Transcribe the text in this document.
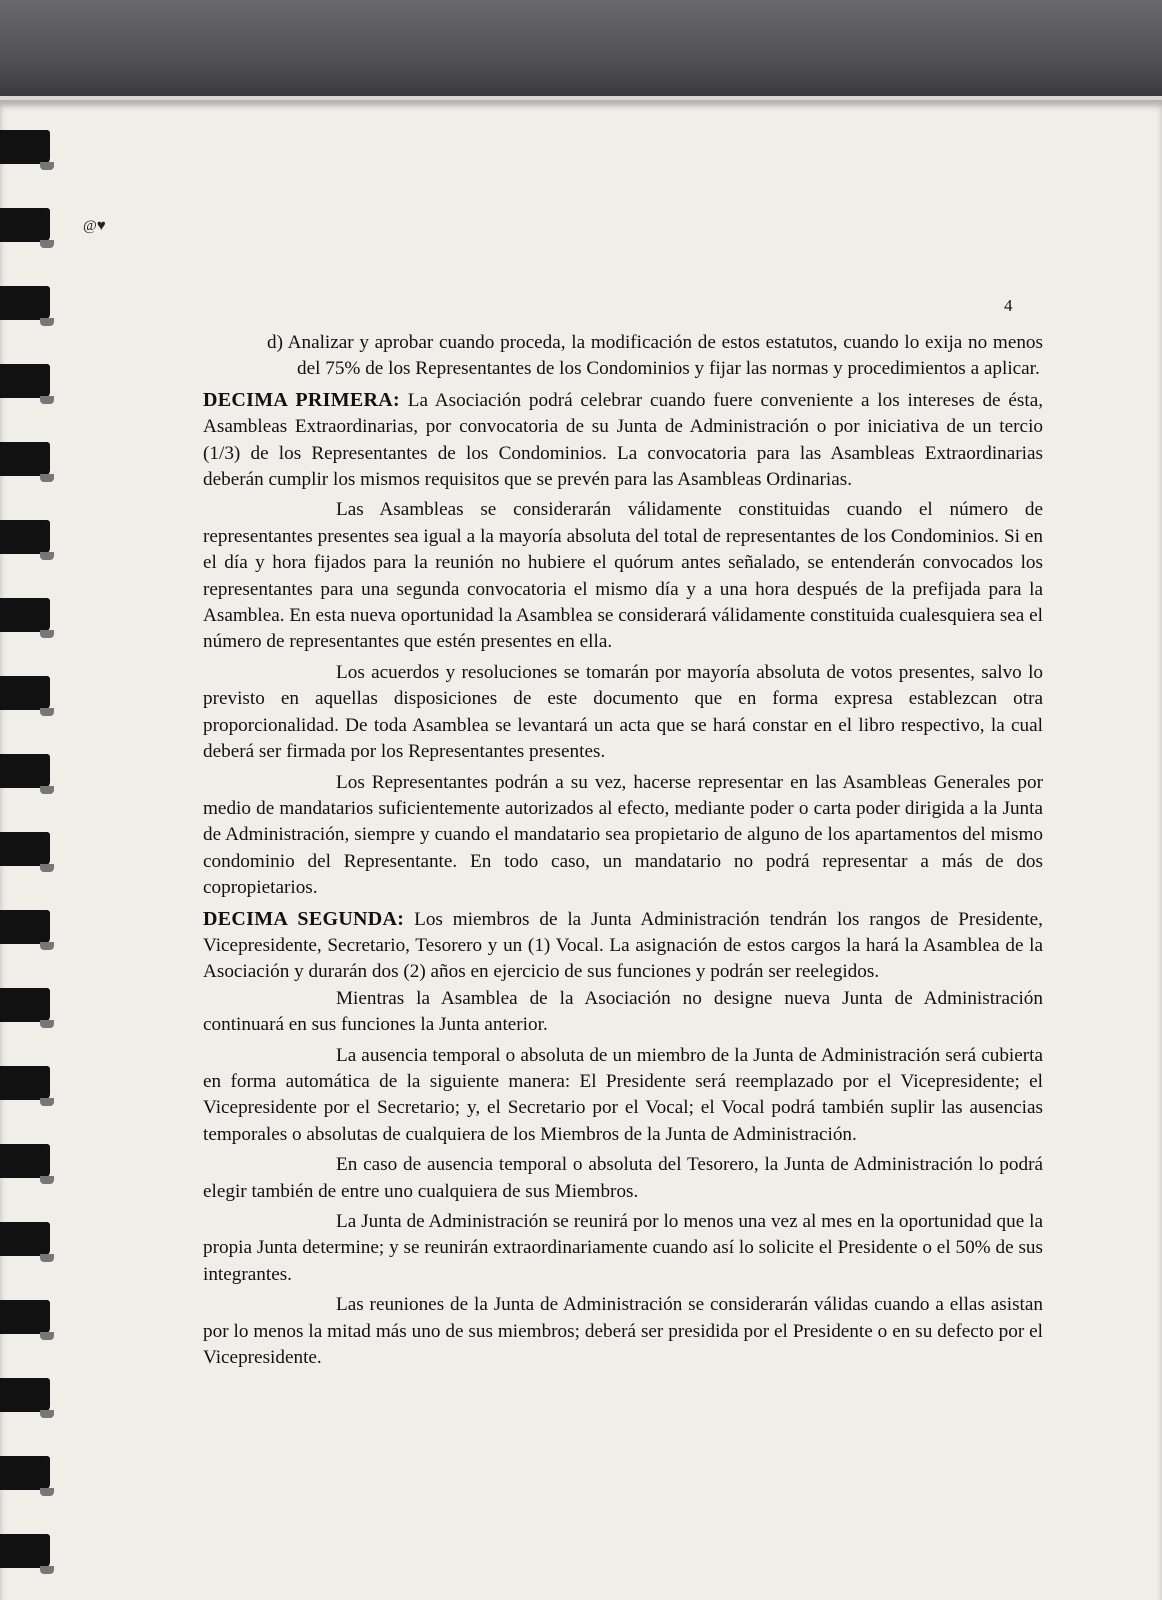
@♥
4

d) Analizar y aprobar cuando proceda, la modificación de estos estatutos, cuando lo exija no menos del 75% de los Representantes de los Condominios y fijar las normas y procedimientos a aplicar.

DECIMA PRIMERA: La Asociación podrá celebrar cuando fuere conveniente a los intereses de ésta, Asambleas Extraordinarias, por convocatoria de su Junta de Administración o por iniciativa de un tercio (1/3) de los Representantes de los Condominios. La convocatoria para las Asambleas Extraordinarias deberán cumplir los mismos requisitos que se prevén para las Asambleas Ordinarias.

Las Asambleas se considerarán válidamente constituidas cuando el número de representantes presentes sea igual a la mayoría absoluta del total de representantes de los Condominios. Si en el día y hora fijados para la reunión no hubiere el quórum antes señalado, se entenderán convocados los representantes para una segunda convocatoria el mismo día y a una hora después de la prefijada para la Asamblea. En esta nueva oportunidad la Asamblea se considerará válidamente constituida cualesquiera sea el número de representantes que estén presentes en ella.

Los acuerdos y resoluciones se tomarán por mayoría absoluta de votos presentes, salvo lo previsto en aquellas disposiciones de este documento que en forma expresa establezcan otra proporcionalidad. De toda Asamblea se levantará un acta que se hará constar en el libro respectivo, la cual deberá ser firmada por los Representantes presentes.

Los Representantes podrán a su vez, hacerse representar en las Asambleas Generales por medio de mandatarios suficientemente autorizados al efecto, mediante poder o carta poder dirigida a la Junta de Administración, siempre y cuando el mandatario sea propietario de alguno de los apartamentos del mismo condominio del Representante. En todo caso, un mandatario no podrá representar a más de dos copropietarios.

DECIMA SEGUNDA: Los miembros de la Junta Administración tendrán los rangos de Presidente, Vicepresidente, Secretario, Tesorero y un (1) Vocal. La asignación de estos cargos la hará la Asamblea de la Asociación y durarán dos (2) años en ejercicio de sus funciones y podrán ser reelegidos.

Mientras la Asamblea de la Asociación no designe nueva Junta de Administración continuará en sus funciones la Junta anterior.

La ausencia temporal o absoluta de un miembro de la Junta de Administración será cubierta en forma automática de la siguiente manera: El Presidente será reemplazado por el Vicepresidente; el Vicepresidente por el Secretario; y, el Secretario por el Vocal; el Vocal podrá también suplir las ausencias temporales o absolutas de cualquiera de los Miembros de la Junta de Administración.

En caso de ausencia temporal o absoluta del Tesorero, la Junta de Administración lo podrá elegir también de entre uno cualquiera de sus Miembros.

La Junta de Administración se reunirá por lo menos una vez al mes en la oportunidad que la propia Junta determine; y se reunirán extraordinariamente cuando así lo solicite el Presidente o el 50% de sus integrantes.

Las reuniones de la Junta de Administración se considerarán válidas cuando a ellas asistan por lo menos la mitad más uno de sus miembros; deberá ser presidida por el Presidente o en su defecto por el Vicepresidente.
